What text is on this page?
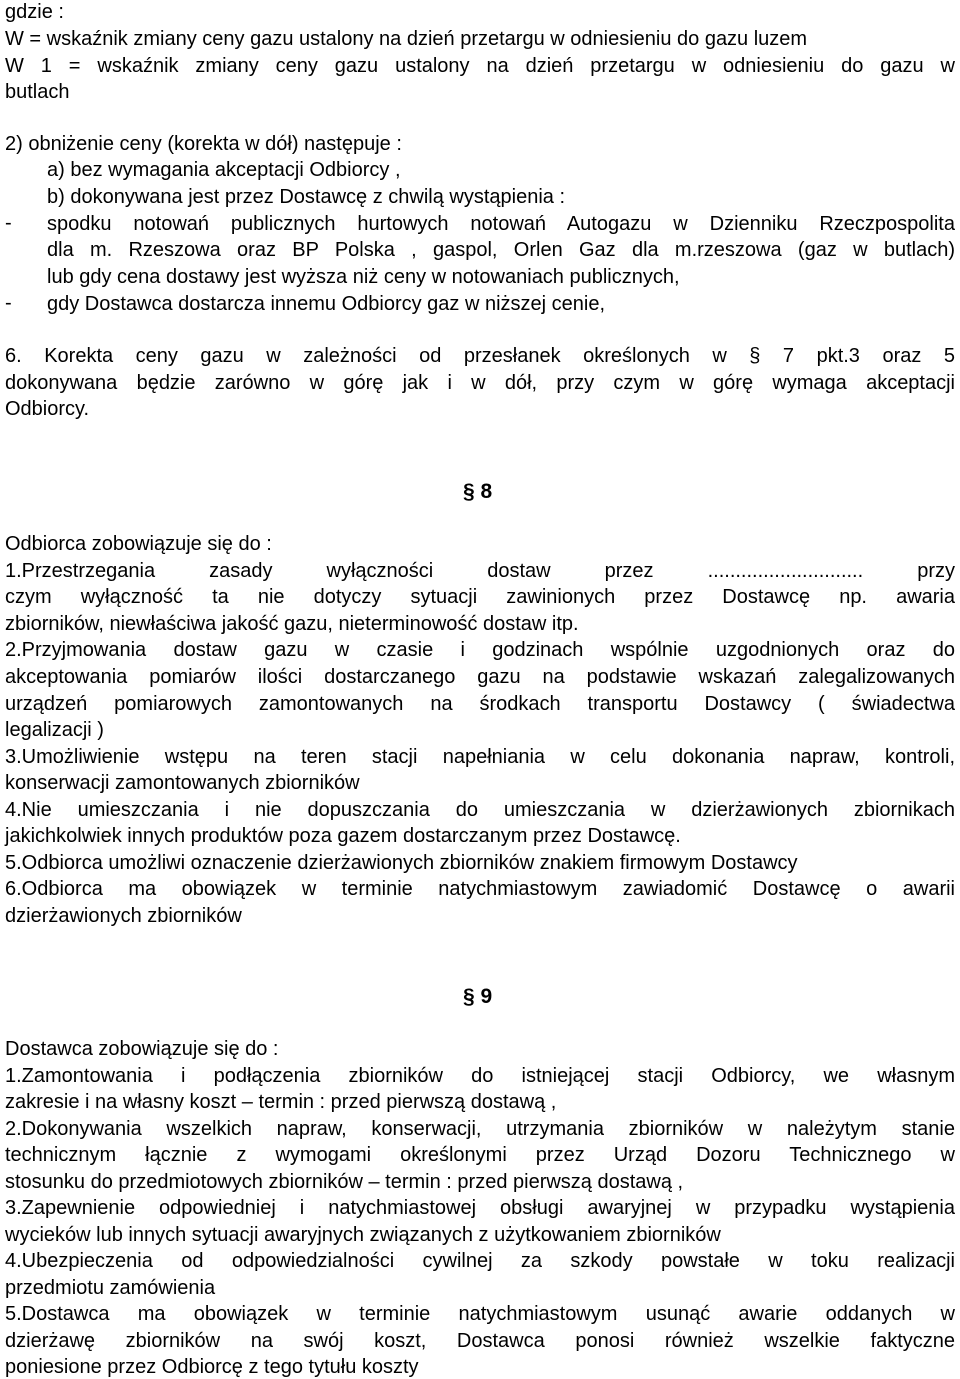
gdzie :
W = wskaźnik zmiany ceny gazu ustalony na dzień przetargu w odniesieniu do gazu luzem
W 1 = wskaźnik zmiany ceny gazu ustalony na dzień przetargu w odniesieniu do gazu w
butlach
2) obniżenie ceny (korekta w dół) następuje :
a) bez wymagania akceptacji Odbiorcy ,
b) dokonywana jest przez Dostawcę z chwilą wystąpienia :
- spodku notowań publicznych hurtowych notowań Autogazu w Dzienniku Rzeczpospolita
dla m. Rzeszowa oraz BP Polska , gaspol, Orlen Gaz dla m.rzeszowa (gaz w butlach)
lub gdy cena dostawy jest wyższa niż ceny w notowaniach publicznych,
- gdy Dostawca dostarcza innemu Odbiorcy gaz w niższej cenie,
6. Korekta ceny gazu w zależności od przesłanek określonych w § 7 pkt.3 oraz 5
dokonywana będzie zarówno w górę jak i w dół, przy czym w górę wymaga akceptacji
Odbiorcy.
§ 8
Odbiorca zobowiązuje się do :
1.Przestrzegania zasady wyłączności dostaw przez ............................ przy
czym wyłączność ta nie dotyczy sytuacji zawinionych przez Dostawcę np. awaria
zbiorników, niewłaściwa jakość gazu, nieterminowość dostaw itp.
2.Przyjmowania dostaw gazu w czasie i godzinach wspólnie uzgodnionych oraz do
akceptowania pomiarów ilości dostarczanego gazu na podstawie wskazań zalegalizowanych
urządzeń pomiarowych zamontowanych na środkach transportu Dostawcy ( świadectwa
legalizacji )
3.Umożliwienie wstępu na teren stacji napełniania w celu dokonania napraw, kontroli,
konserwacji zamontowanych zbiorników
4.Nie umieszczania i nie dopuszczania do umieszczania w dzierżawionych zbiornikach
jakichkolwiek innych produktów poza gazem dostarczanym przez Dostawcę.
5.Odbiorca umożliwi oznaczenie dzierżawionych zbiorników znakiem firmowym Dostawcy
6.Odbiorca ma obowiązek w terminie natychmiastowym zawiadomić Dostawcę o awarii
dzierżawionych zbiorników
§ 9
Dostawca zobowiązuje się do :
1.Zamontowania i podłączenia zbiorników do istniejącej stacji Odbiorcy, we własnym
zakresie i na własny koszt – termin : przed pierwszą dostawą ,
2.Dokonywania wszelkich napraw, konserwacji, utrzymania zbiorników w należytym stanie
technicznym łącznie z wymogami określonymi przez Urząd Dozoru Technicznego w
stosunku do przedmiotowych zbiorników – termin : przed pierwszą dostawą ,
3.Zapewnienie odpowiedniej i natychmiastowej obsługi awaryjnej w przypadku wystąpienia
wycieków lub innych sytuacji awaryjnych związanych z użytkowaniem zbiorników
4.Ubezpieczenia od odpowiedzialności cywilnej za szkody powstałe w toku realizacji
przedmiotu zamówienia
5.Dostawca ma obowiązek w terminie natychmiastowym usunąć awarie oddanych w
dzierżawę zbiorników na swój koszt, Dostawca ponosi również wszelkie faktyczne
poniesione przez Odbiorcę z tego tytułu koszty
